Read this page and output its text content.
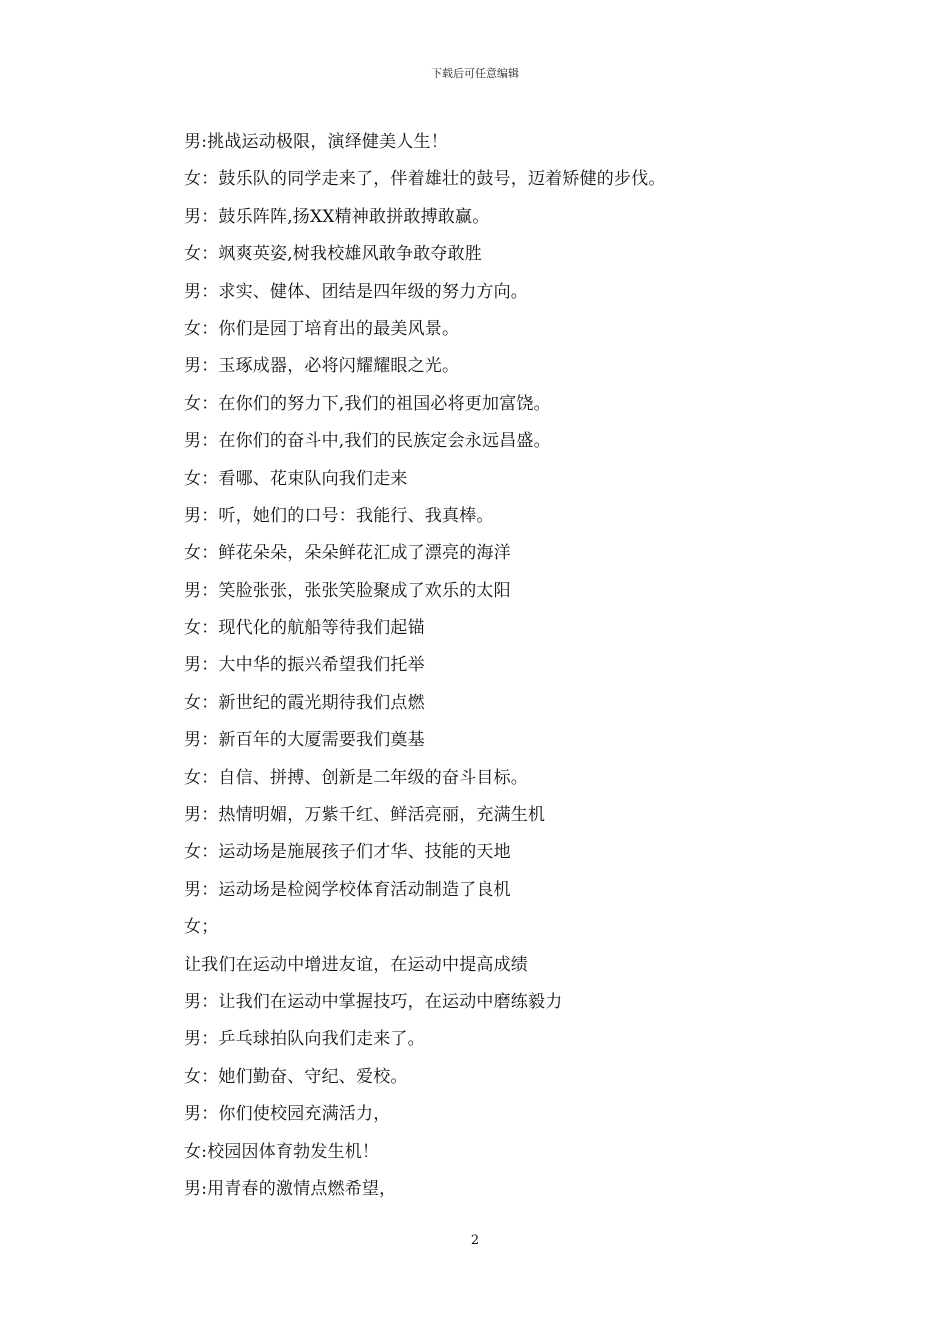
下载后可任意编辑
男:挑战运动极限，演绎健美人生！
女：鼓乐队的同学走来了，伴着雄壮的鼓号，迈着矫健的步伐。
男：鼓乐阵阵,扬XX精神敢拼敢搏敢赢。
女：飒爽英姿,树我校雄风敢争敢夺敢胜
男：求实、健体、团结是四年级的努力方向。
女：你们是园丁培育出的最美风景。
男：玉琢成器，必将闪耀耀眼之光。
女：在你们的努力下,我们的祖国必将更加富饶。
男：在你们的奋斗中,我们的民族定会永远昌盛。
女：看哪、花束队向我们走来
男：听，她们的口号：我能行、我真棒。
女：鲜花朵朵，朵朵鲜花汇成了漂亮的海洋
男：笑脸张张，张张笑脸聚成了欢乐的太阳
女：现代化的航船等待我们起锚
男：大中华的振兴希望我们托举
女：新世纪的霞光期待我们点燃
男：新百年的大厦需要我们奠基
女：自信、拼搏、创新是二年级的奋斗目标。
男：热情明媚，万紫千红、鲜活亮丽，充满生机
女：运动场是施展孩子们才华、技能的天地
男：运动场是检阅学校体育活动制造了良机
女；
让我们在运动中增进友谊，在运动中提高成绩
男：让我们在运动中掌握技巧，在运动中磨练毅力
男：乒乓球拍队向我们走来了。
女：她们勤奋、守纪、爱校。
男：你们使校园充满活力，
女:校园因体育勃发生机！
男:用青春的激情点燃希望，
2
